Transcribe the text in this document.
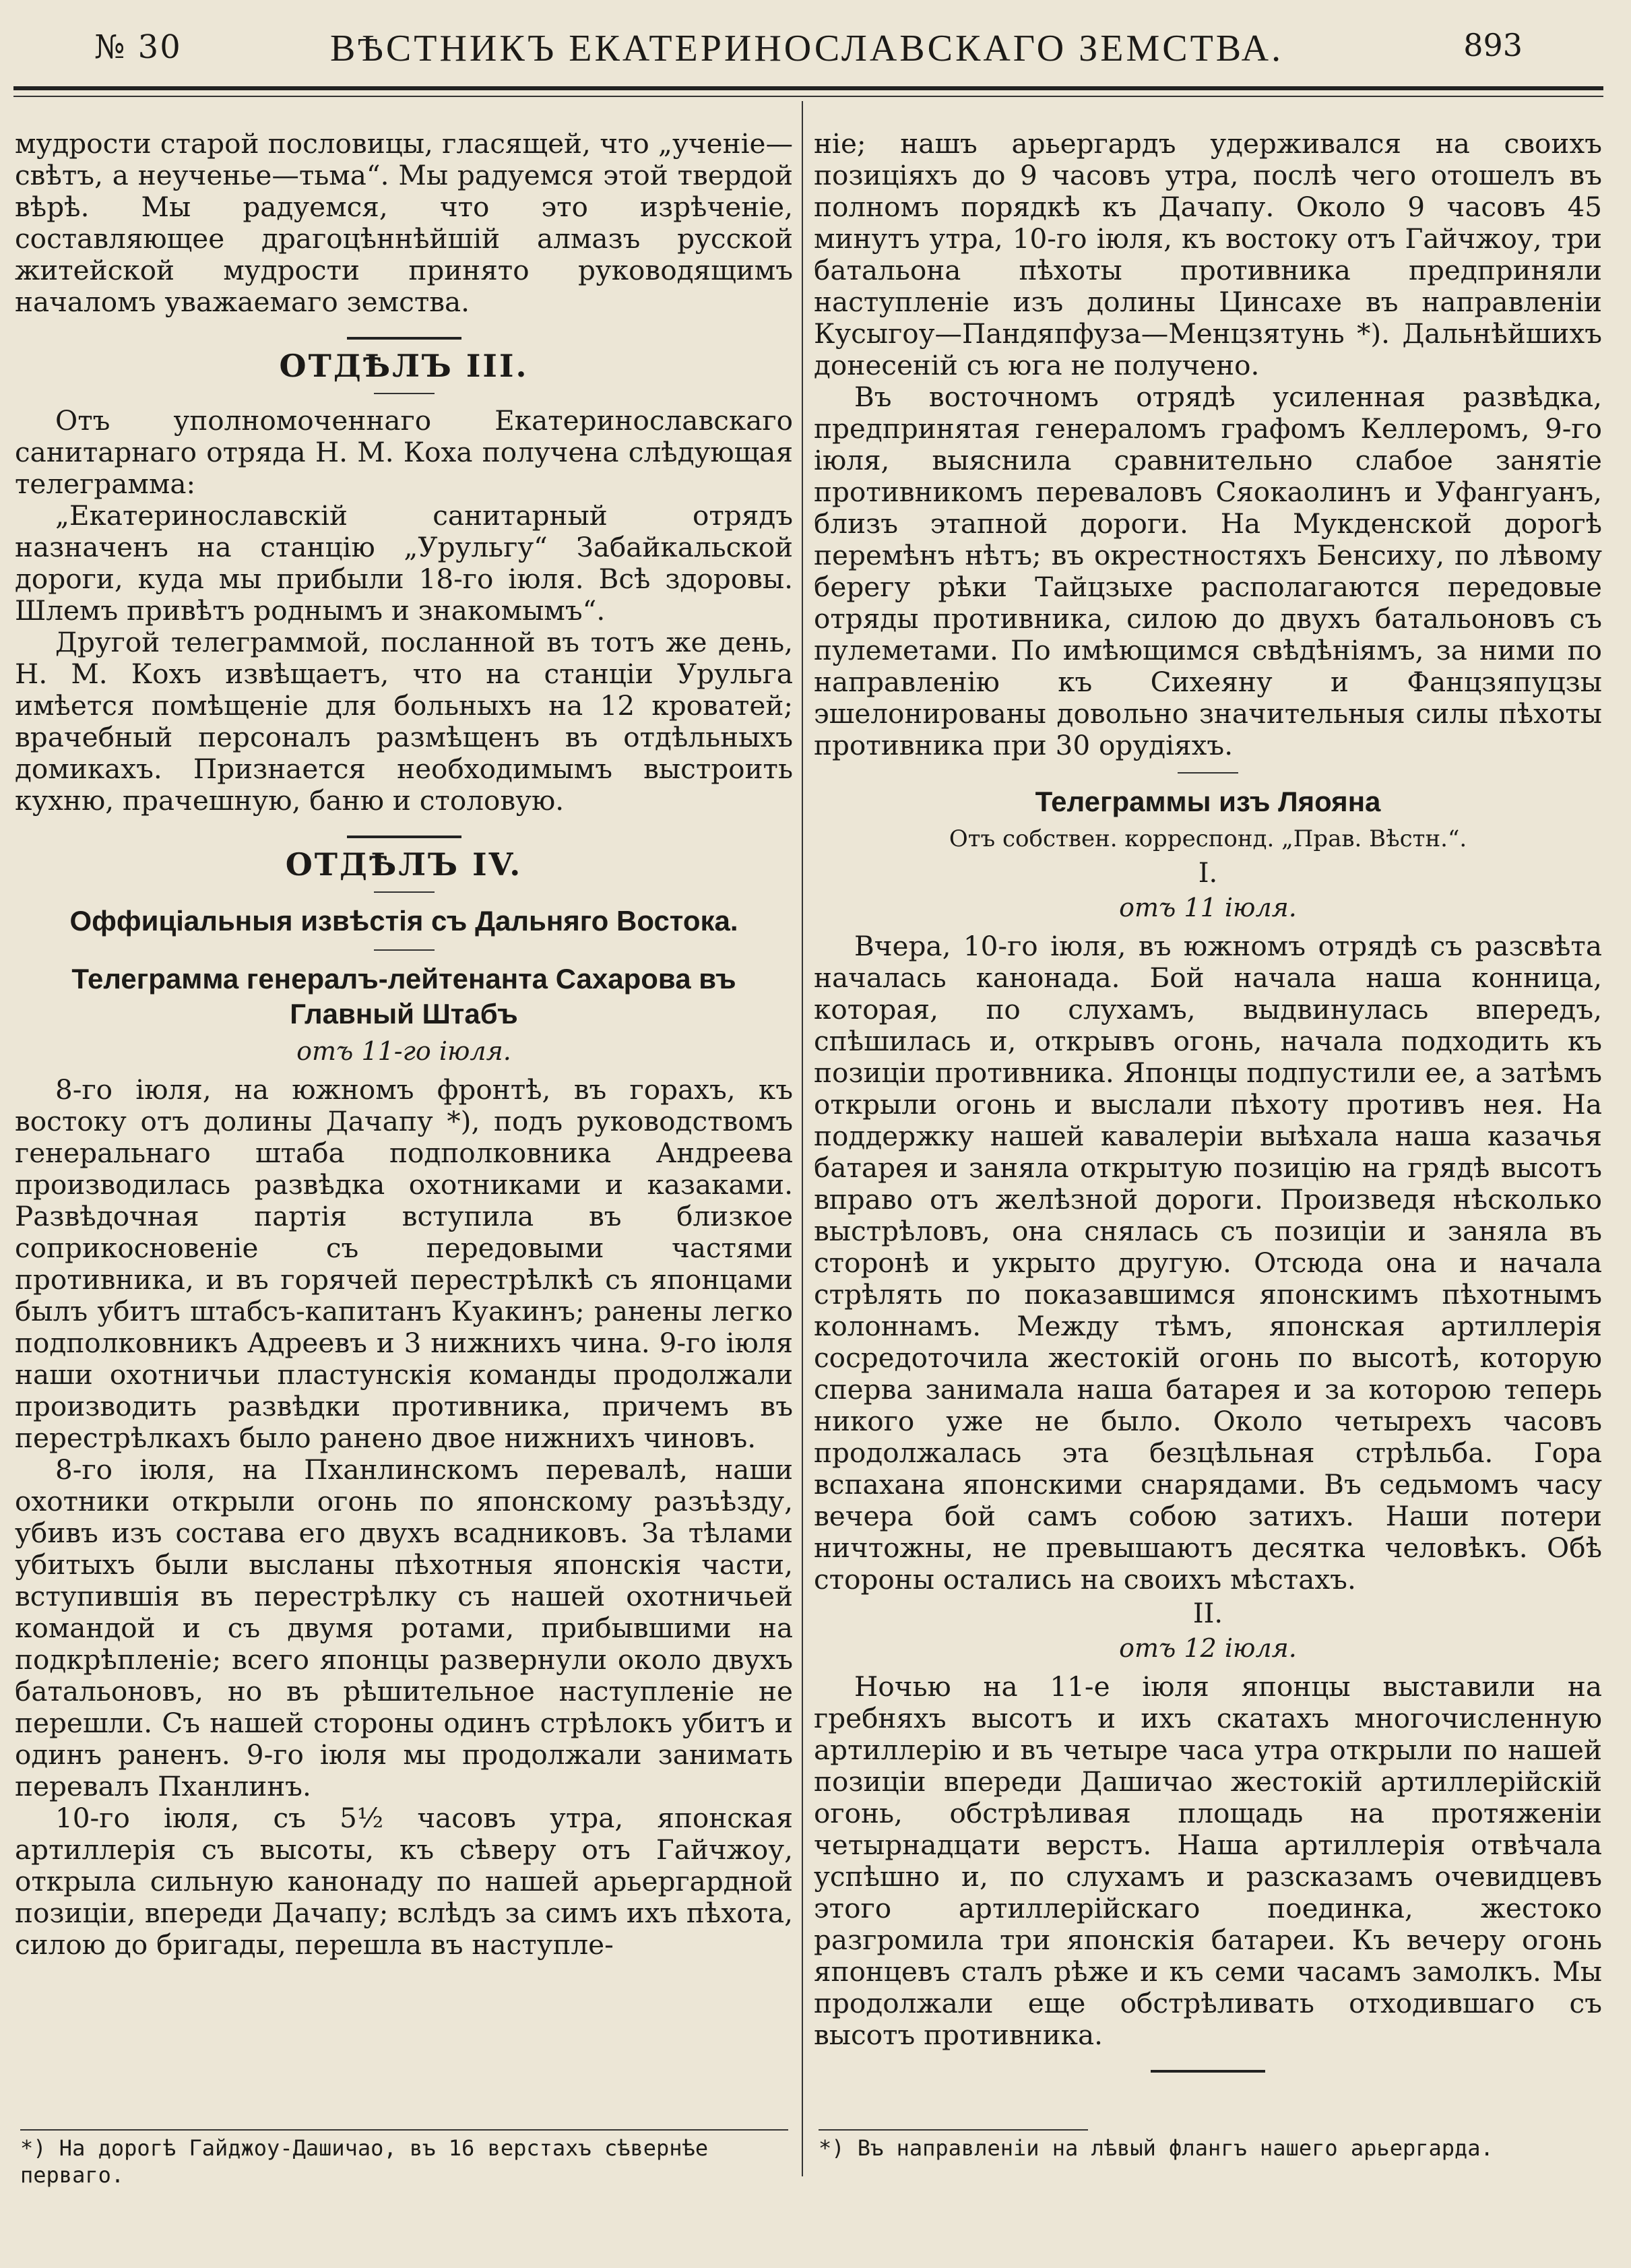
№ 30	ВѢСТНИКЪ ЕКАТЕРИНОСЛАВСКАГО ЗЕМСТВА.	893

мудрости старой пословицы, гласящей, что „ученіе—свѣтъ, а неученье—тьма“. Мы радуемся этой твердой вѣрѣ. Мы радуемся, что это изрѣченіе, составляющее драгоцѣннѣйшій алмазъ русской житейской мудрости принято руководящимъ началомъ уважаемаго земства.

ОТДѢЛЪ III.

Отъ уполномоченнаго Екатеринославскаго санитарнаго отряда Н. М. Коха получена слѣдующая телеграмма:

„Екатеринославскій санитарный отрядъ назначенъ на станцію „Урульгу“ Забайкальской дороги, куда мы прибыли 18-го іюля. Всѣ здоровы. Шлемъ привѣтъ роднымъ и знакомымъ“.

Другой телеграммой, посланной въ тотъ же день, Н. М. Кохъ извѣщаетъ, что на станціи Урульга имѣется помѣщеніе для больныхъ на 12 кроватей; врачебный персоналъ размѣщенъ въ отдѣльныхъ домикахъ. Признается необходимымъ выстроить кухню, прачешную, баню и столовую.

ОТДѢЛЪ IV.
Оффиціальныя извѣстія съ Дальняго Востока.
Телеграмма генералъ-лейтенанта Сахарова въ Главный Штабъ
отъ 11-го іюля.

8-го іюля, на южномъ фронтѣ, въ горахъ, къ востоку отъ долины Дачапу *), подъ руководствомъ генеральнаго штаба подполковника Андреева производилась развѣдка охотниками и казаками. Развѣдочная партія вступила въ близкое соприкосновеніе съ передовыми частями противника, и въ горячей перестрѣлкѣ съ японцами былъ убитъ штабсъ-капитанъ Куакинъ; ранены легко подполковникъ Адреевъ и 3 нижнихъ чина. 9-го іюля наши охотничьи пластунскія команды продолжали производить развѣдки противника, причемъ въ перестрѣлкахъ было ранено двое нижнихъ чиновъ.

8-го іюля, на Пханлинскомъ перевалѣ, наши охотники открыли огонь по японскому разъѣзду, убивъ изъ состава его двухъ всадниковъ. За тѣлами убитыхъ были высланы пѣхотныя японскія части, вступившія въ перестрѣлку съ нашей охотничьей командой и съ двумя ротами, прибывшими на подкрѣпленіе; всего японцы развернули около двухъ батальоновъ, но въ рѣшительное наступленіе не перешли. Съ нашей стороны одинъ стрѣлокъ убитъ и одинъ раненъ. 9-го іюля мы продолжали занимать перевалъ Пханлинъ.

10-го іюля, съ 5½ часовъ утра, японская артиллерія съ высоты, къ сѣверу отъ Гайчжоу, открыла сильную канонаду по нашей арьергардной позиціи, впереди Дачапу; вслѣдъ за симъ ихъ пѣхота, силою до бригады, перешла въ наступле-

*) На дорогѣ Гайджоу-Дашичао, въ 16 верстахъ сѣвернѣе перваго.

ніе; нашъ арьергардъ удерживался на своихъ позиціяхъ до 9 часовъ утра, послѣ чего отошелъ въ полномъ порядкѣ къ Дачапу. Около 9 часовъ 45 минутъ утра, 10-го іюля, къ востоку отъ Гайчжоу, три батальона пѣхоты противника предприняли наступленіе изъ долины Цинсахе въ направленіи Кусыгоу—Пандяпфуза—Менцзятунь *). Дальнѣйшихъ донесеній съ юга не получено.

Въ восточномъ отрядѣ усиленная развѣдка, предпринятая генераломъ графомъ Келлеромъ, 9-го іюля, выяснила сравнительно слабое занятіе противникомъ переваловъ Сяокаолинъ и Уфангуанъ, близъ этапной дороги. На Мукденской дорогѣ перемѣнъ нѣтъ; въ окрестностяхъ Бенсиху, по лѣвому берегу рѣки Тайцзыхе располагаются передовые отряды противника, силою до двухъ батальоновъ съ пулеметами. По имѣющимся свѣдѣніямъ, за ними по направленію къ Сихеяну и Фанцзяпуцзы эшелонированы довольно значительныя силы пѣхоты противника при 30 орудіяхъ.

Телеграммы изъ Ляояна
Отъ собствен. корреспонд. „Прав. Вѣстн.“.
I.
отъ 11 іюля.

Вчера, 10-го іюля, въ южномъ отрядѣ съ разсвѣта началась канонада. Бой начала наша конница, которая, по слухамъ, выдвинулась впередъ, спѣшилась и, открывъ огонь, начала подходить къ позиціи противника. Японцы подпустили ее, а затѣмъ открыли огонь и выслали пѣхоту противъ нея. На поддержку нашей кавалеріи выѣхала наша казачья батарея и заняла открытую позицію на грядѣ высотъ вправо отъ желѣзной дороги. Произведя нѣсколько выстрѣловъ, она снялась съ позиціи и заняла въ сторонѣ и укрыто другую. Отсюда она и начала стрѣлять по показавшимся японскимъ пѣхотнымъ колоннамъ. Между тѣмъ, японская артиллерія сосредоточила жестокій огонь по высотѣ, которую сперва занимала наша батарея и за которою теперь никого уже не было. Около четырехъ часовъ продолжалась эта безцѣльная стрѣльба. Гора вспахана японскими снарядами. Въ седьмомъ часу вечера бой самъ собою затихъ. Наши потери ничтожны, не превышаютъ десятка человѣкъ. Обѣ стороны остались на своихъ мѣстахъ.

II.
отъ 12 іюля.

Ночью на 11-е іюля японцы выставили на гребняхъ высотъ и ихъ скатахъ многочисленную артиллерію и въ четыре часа утра открыли по нашей позиціи впереди Дашичао жестокій артиллерійскій огонь, обстрѣливая площадь на протяженіи четырнадцати верстъ. Наша артиллерія отвѣчала успѣшно и, по слухамъ и разсказамъ очевидцевъ этого артиллерійскаго поединка, жестоко разгромила три японскія батареи. Къ вечеру огонь японцевъ сталъ рѣже и къ семи часамъ замолкъ. Мы продолжали еще обстрѣливать отходившаго съ высотъ противника.

*) Въ направленіи на лѣвый флангъ нашего арьергарда.
